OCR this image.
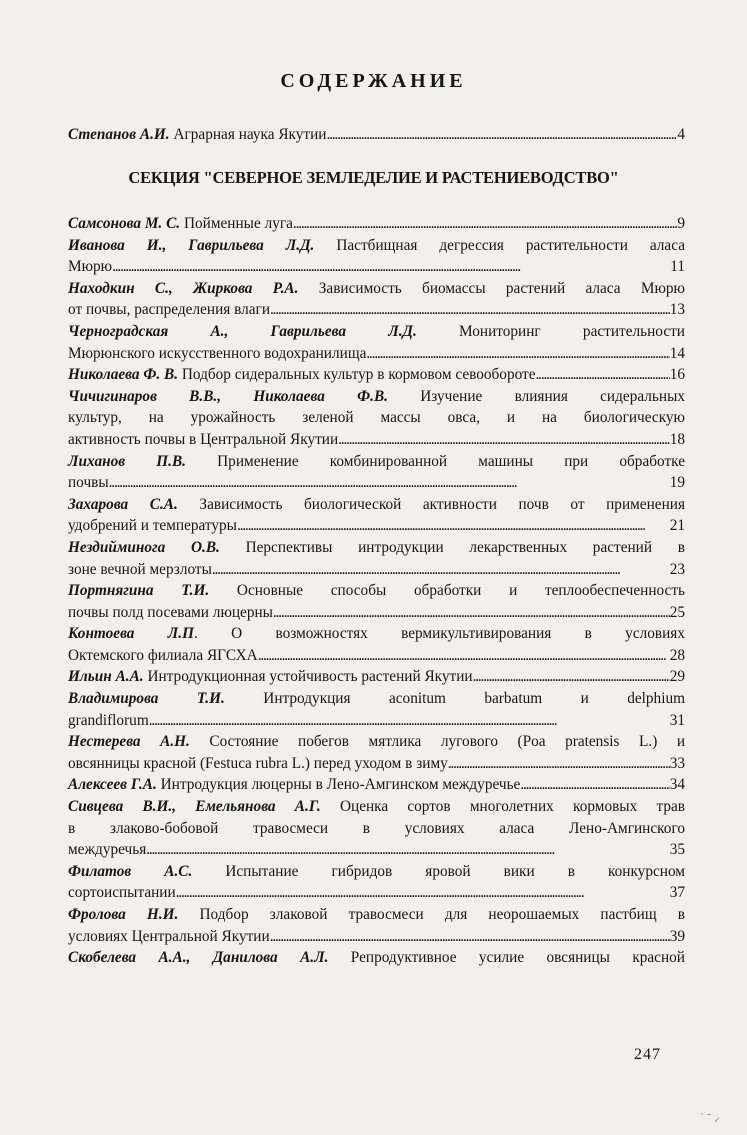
СОДЕРЖАНИЕ
Степанов А.И. Аграрная наука Якутии . . .	4
СЕКЦИЯ "СЕВЕРНОЕ ЗЕМЛЕДЕЛИЕ И РАСТЕНИЕВОДСТВО"
Самсонова М. С. Пойменные луга . . .	9
Иванова И., Гаврильева Л.Д. Пастбищная дегрессия растительности аласа
Мюрю . . .	11
Находкин С., Жиркова Р.А. Зависимость биомассы растений аласа Мюрю
от почвы, распределения влаги . . .	13
Черноградская А., Гаврильева Л.Д. Мониторинг растительности
Мюрюнского искусственного водохранилища . . .	14
Николаева Ф. В. Подбор сидеральных культур в кормовом севообороте . . .	16
Чичигинаров В.В., Николаева Ф.В. Изучение влияния сидеральных
культур, на урожайность зеленой массы овса, и на биологическую
активность почвы в Центральной Якутии . . .	18
Лиханов П.В. Применение комбинированной машины при обработке
почвы . . .	19
Захарова С.А. Зависимость биологической активности почв от применения
удобрений и температуры . . .	21
Нездийминога О.В. Перспективы интродукции лекарственных растений в
зоне вечной мерзлоты . . .	23
Портнягина Т.И. Основные способы обработки и теплообеспеченность
почвы полд посевами люцерны . . .	25
Контоева Л.П. О возможностях вермикультивирования в условиях
Октемского филиала ЯГСХА . . .	28
Ильин А.А. Интродукционная устойчивость растений Якутии . . .	29
Владимирова Т.И. Интродукция aconitum barbatum и delphium
grandiflorum . . .	31
Нестерева А.Н. Состояние побегов мятлика лугового (Poa pratensis L.) и
овсянницы красной (Festuca rubra L.) перед уходом в зиму . . .	33
Алексеев Г.А. Интродукция люцерны в Лено-Амгинском междуречье . . .	34
Сивцева В.И., Емельянова А.Г. Оценка сортов многолетних кормовых трав
в злаково-бобовой травосмеси в условиях аласа Лено-Амгинского
междуречья . . .	35
Филатов А.С. Испытание гибридов яровой вики в конкурсном
сортоиспытании . . .	37
Фролова Н.И. Подбор злаковой травосмеси для неорошаемых пастбищ в
условиях Центральной Якутии . . .	39
Скобелева А.А., Данилова А.Л. Репродуктивное усилие овсяницы красной
247
˙ ˉ ⸝
